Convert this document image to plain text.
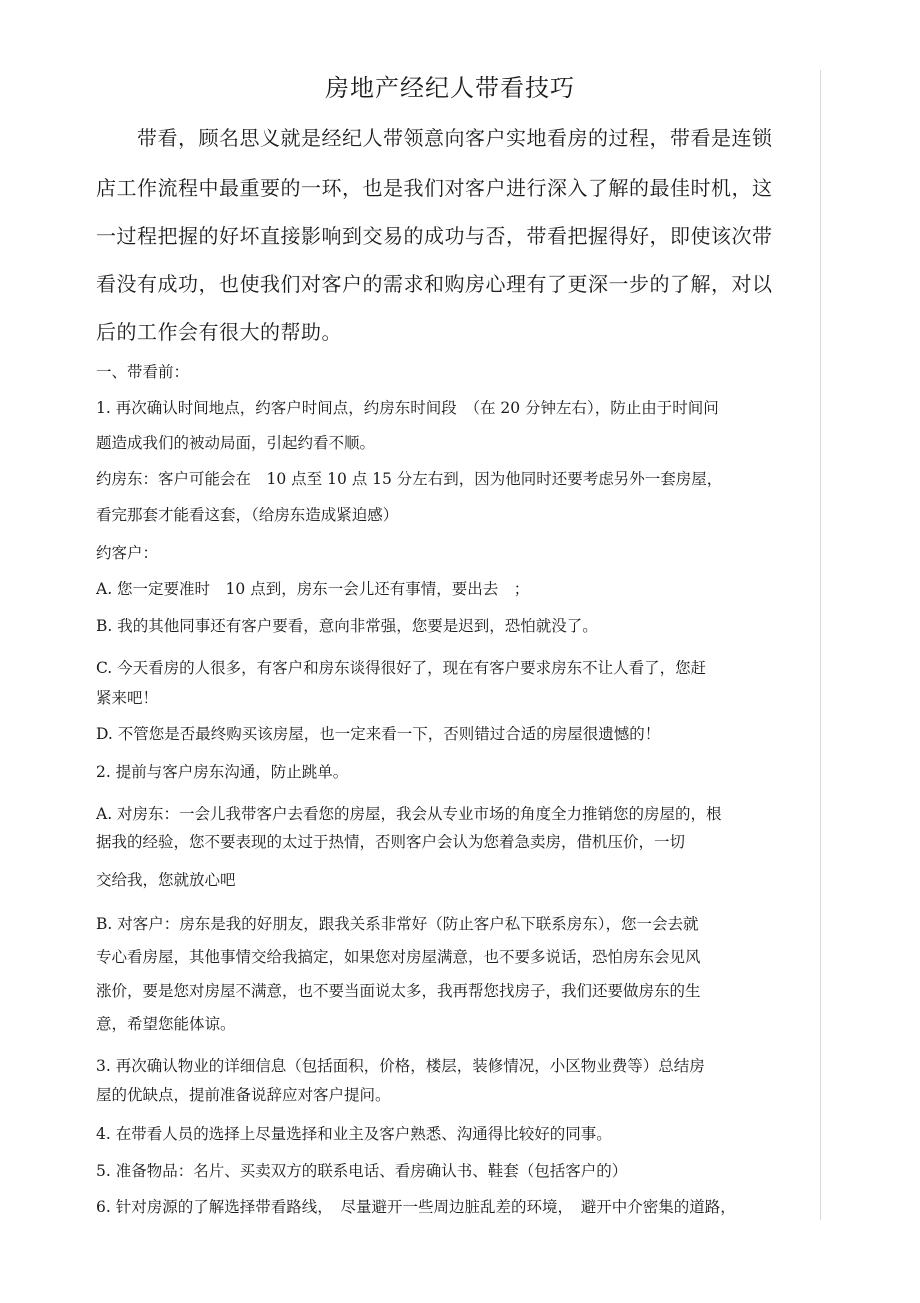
房地产经纪人带看技巧
　　带看，顾名思义就是经纪人带领意向客户实地看房的过程，带看是连锁
店工作流程中最重要的一环，也是我们对客户进行深入了解的最佳时机，这
一过程把握的好坏直接影响到交易的成功与否，带看把握得好，即使该次带
看没有成功，也使我们对客户的需求和购房心理有了更深一步的了解，对以
后的工作会有很大的帮助。
一、带看前：
1. 再次确认时间地点，约客户时间点，约房东时间段　（在 20 分钟左右），防止由于时间问
题造成我们的被动局面，引起约看不顺。
约房东：客户可能会在　10 点至 10 点 15 分左右到，因为他同时还要考虑另外一套房屋，
看完那套才能看这套，（给房东造成紧迫感）
约客户：
A. 您一定要准时　10 点到，房东一会儿还有事情，要出去　；
B. 我的其他同事还有客户要看，意向非常强，您要是迟到，恐怕就没了。
C. 今天看房的人很多，有客户和房东谈得很好了，现在有客户要求房东不让人看了，您赶
紧来吧！
D. 不管您是否最终购买该房屋，也一定来看一下，否则错过合适的房屋很遗憾的！
2. 提前与客户房东沟通，防止跳单。
A. 对房东：一会儿我带客户去看您的房屋，我会从专业市场的角度全力推销您的房屋的，根
据我的经验，您不要表现的太过于热情，否则客户会认为您着急卖房，借机压价，一切
交给我，您就放心吧
B. 对客户：房东是我的好朋友，跟我关系非常好（防止客户私下联系房东），您一会去就
专心看房屋，其他事情交给我搞定，如果您对房屋满意，也不要多说话，恐怕房东会见风
涨价，要是您对房屋不满意，也不要当面说太多，我再帮您找房子，我们还要做房东的生
意，希望您能体谅。
3. 再次确认物业的详细信息（包括面积，价格，楼层，装修情况，小区物业费等）总结房
屋的优缺点，提前准备说辞应对客户提问。
4. 在带看人员的选择上尽量选择和业主及客户熟悉、沟通得比较好的同事。
5. 准备物品：名片、买卖双方的联系电话、看房确认书、鞋套（包括客户的）
6. 针对房源的了解选择带看路线，　尽量避开一些周边脏乱差的环境，　避开中介密集的道路，
